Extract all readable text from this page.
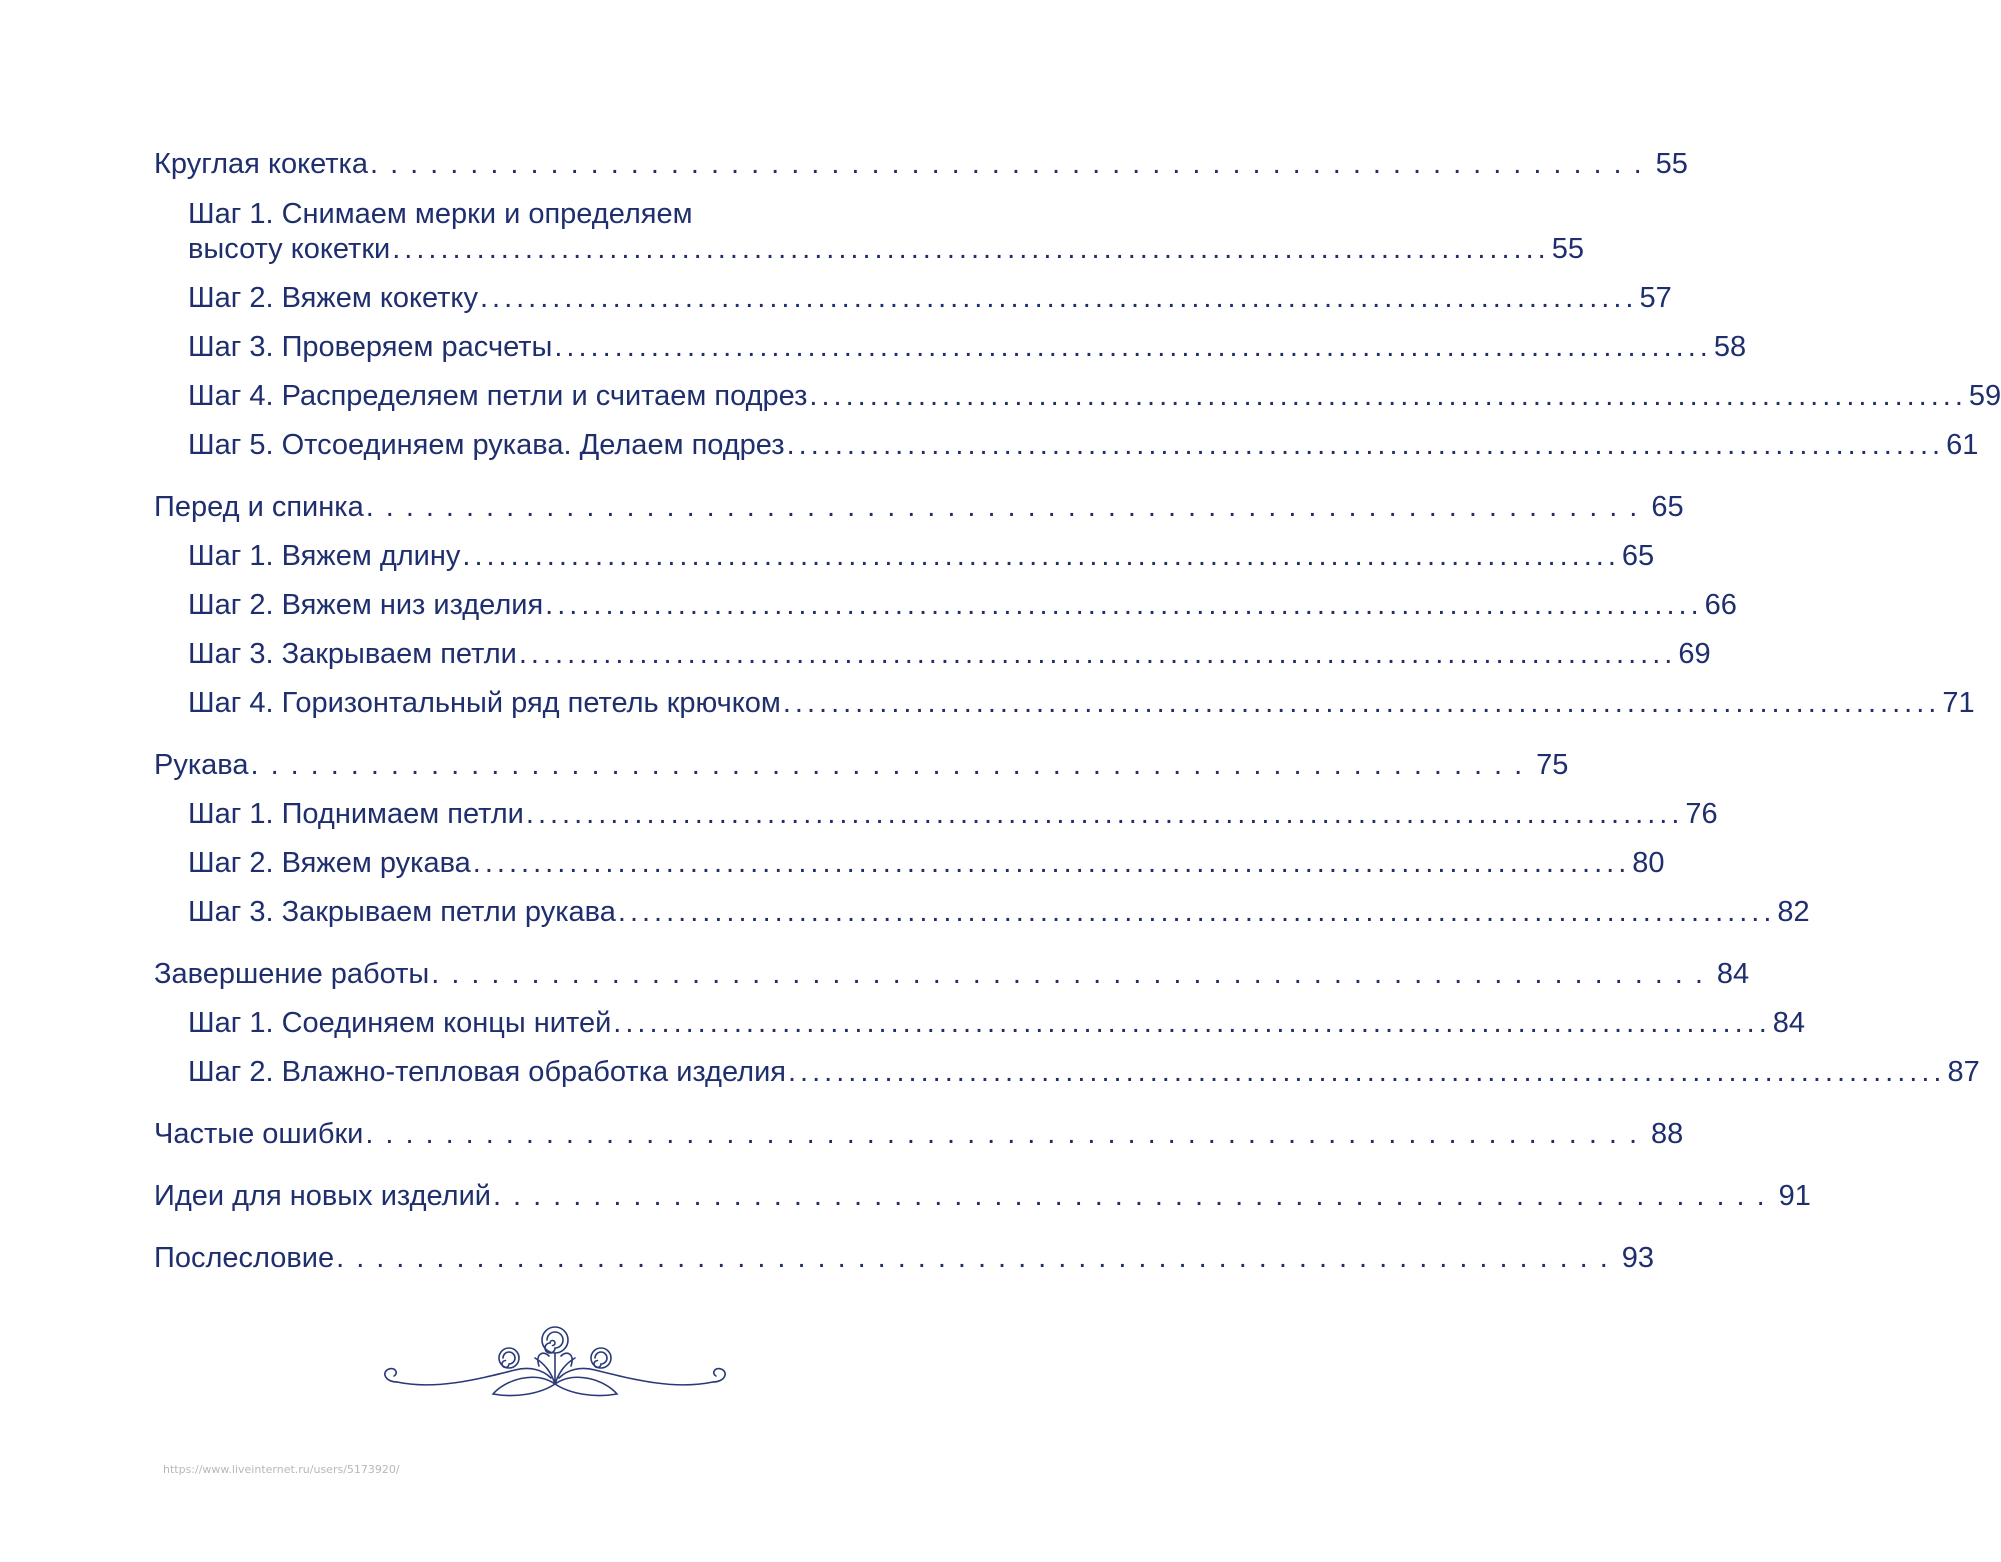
Круглая кокетка ................................................................ 55
Шаг 1. Снимаем мерки и определяем
высоту кокетки ................................................................................................ 55
Шаг 2. Вяжем кокетку ................................................................................................ 57
Шаг 3. Проверяем расчеты ................................................................................................ 58
Шаг 4. Распределяем петли и считаем подрез ................................................................................................ 59
Шаг 5. Отсоединяем рукава. Делаем подрез ................................................................................................ 61
Перед и спинка ................................................................ 65
Шаг 1. Вяжем длину ................................................................................................ 65
Шаг 2. Вяжем низ изделия ................................................................................................ 66
Шаг 3. Закрываем петли ................................................................................................ 69
Шаг 4. Горизонтальный ряд петель крючком ................................................................................................ 71
Рукава ................................................................ 75
Шаг 1. Поднимаем петли ................................................................................................ 76
Шаг 2. Вяжем рукава ................................................................................................ 80
Шаг 3. Закрываем петли рукава ................................................................................................ 82
Завершение работы ................................................................ 84
Шаг 1. Соединяем концы нитей ................................................................................................ 84
Шаг 2. Влажно-тепловая обработка изделия ................................................................................................ 87
Частые ошибки ................................................................ 88
Идеи для новых изделий ................................................................ 91
Послесловие ................................................................ 93
https://www.liveinternet.ru/users/5173920/
